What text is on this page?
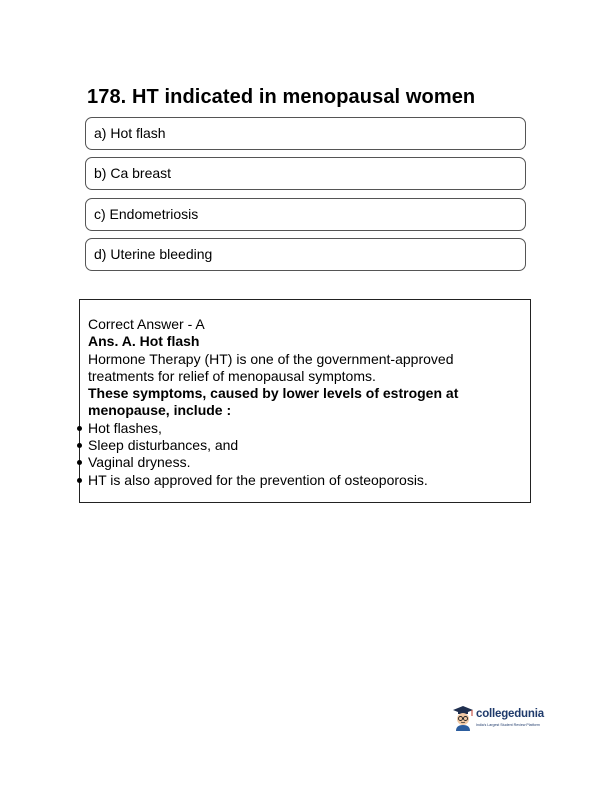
178. HT indicated in menopausal women
a) Hot flash
b) Ca breast
c) Endometriosis
d) Uterine bleeding

Correct Answer - A

Ans. A. Hot flash

Hormone Therapy (HT) is one of the government-approved treatments for relief of menopausal symptoms.

These symptoms, caused by lower levels of estrogen at menopause, include :

Hot flashes,
Sleep disturbances, and
Vaginal dryness.
HT is also approved for the prevention of osteoporosis.
collegedunia
India's Largest Student Review Platform
